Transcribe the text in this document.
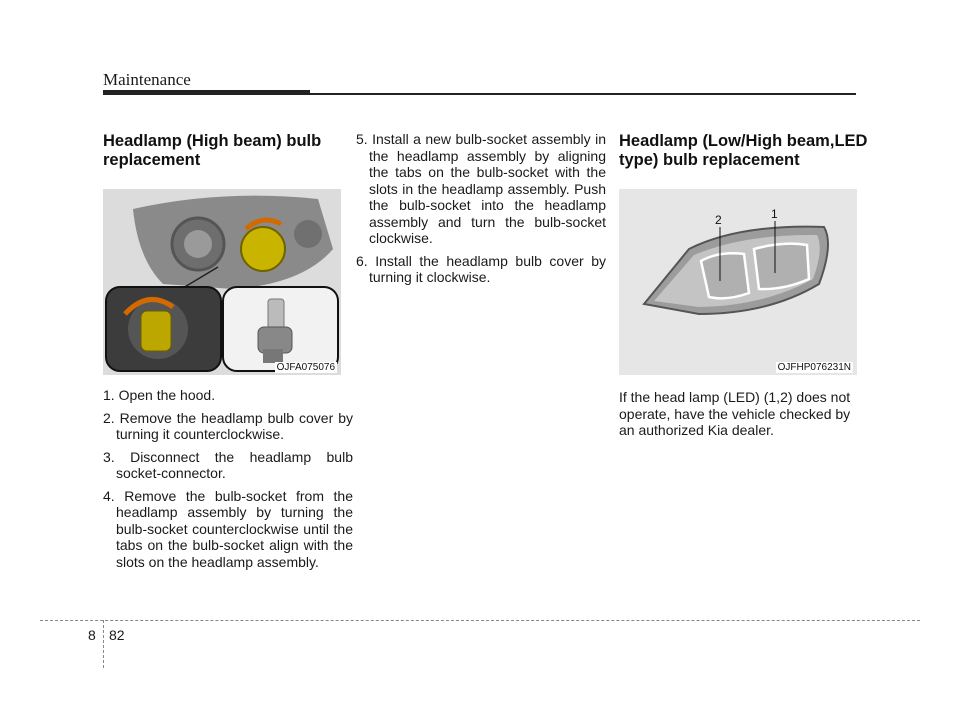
Maintenance
Headlamp (High beam) bulb replacement
OJFA075076
1. Open the hood.
2. Remove the headlamp bulb cover by turning it counterclockwise.
3. Disconnect the headlamp bulb socket-connector.
4. Remove the bulb-socket from the headlamp assembly by turning the bulb-socket counterclockwise until the tabs on the bulb-socket align with the slots on the headlamp assembly.
5. Install a new bulb-socket assembly in the headlamp assembly by aligning the tabs on the bulb-socket with the slots in the headlamp assembly. Push the bulb-socket into the headlamp assembly and turn the bulb-socket clockwise.
6. Install the headlamp bulb cover by turning it clockwise.
Headlamp (Low/High beam,LED type) bulb replacement
2	1
OJFHP076231N
If the head lamp (LED) (1,2) does not operate, have the vehicle checked by an authorized Kia dealer.
8 82
